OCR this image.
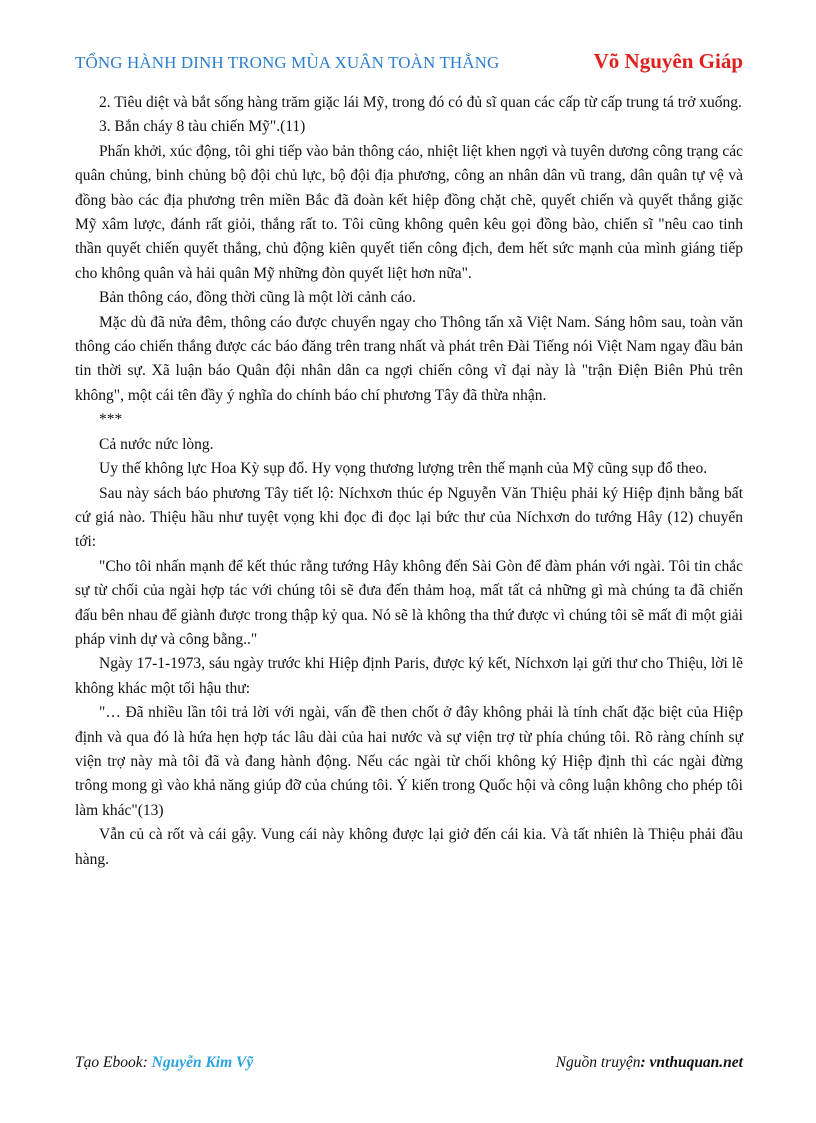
TỔNG HÀNH DINH TRONG MÙA XUÂN TOÀN THẮNG	Võ Nguyên Giáp

2. Tiêu diệt và bắt sống hàng trăm giặc lái Mỹ, trong đó có đủ sĩ quan các cấp từ cấp trung tá trở xuống.

3. Bắn cháy 8 tàu chiến Mỹ".(11)

Phấn khởi, xúc động, tôi ghi tiếp vào bản thông cáo, nhiệt liệt khen ngợi và tuyên dương công trạng các quân chủng, binh chủng bộ đội chủ lực, bộ đội địa phương, công an nhân dân vũ trang, dân quân tự vệ và đồng bào các địa phương trên miền Bắc đã đoàn kết hiệp đồng chặt chẽ, quyết chiến và quyết thắng giặc Mỹ xâm lược, đánh rất giỏi, thắng rất to. Tôi cũng không quên kêu gọi đồng bào, chiến sĩ "nêu cao tinh thần quyết chiến quyết thắng, chủ động kiên quyết tiến công địch, đem hết sức mạnh của mình giáng tiếp cho không quân và hải quân Mỹ những đòn quyết liệt hơn nữa".

Bản thông cáo, đồng thời cũng là một lời cảnh cáo.

Mặc dù đã nửa đêm, thông cáo được chuyển ngay cho Thông tấn xã Việt Nam. Sáng hôm sau, toàn văn thông cáo chiến thắng được các báo đăng trên trang nhất và phát trên Đài Tiếng nói Việt Nam ngay đầu bản tin thời sự. Xã luận báo Quân đội nhân dân ca ngợi chiến công vĩ đại này là "trận Điện Biên Phủ trên không", một cái tên đầy ý nghĩa do chính báo chí phương Tây đã thừa nhận.

***

Cả nước nức lòng.

Uy thế không lực Hoa Kỳ sụp đổ. Hy vọng thương lượng trên thế mạnh của Mỹ cũng sụp đổ theo.

Sau này sách báo phương Tây tiết lộ: Níchxơn thúc ép Nguyễn Văn Thiệu phải ký Hiệp định bằng bất cứ giá nào. Thiệu hầu như tuyệt vọng khi đọc đi đọc lại bức thư của Níchxơn do tướng Hây (12) chuyển tới:

"Cho tôi nhấn mạnh để kết thúc rằng tướng Hây không đến Sài Gòn để đàm phán với ngài. Tôi tin chắc sự từ chối của ngài hợp tác với chúng tôi sẽ đưa đến thảm hoạ, mất tất cả những gì mà chúng ta đã chiến đấu bên nhau để giành được trong thập kỷ qua. Nó sẽ là không tha thứ được vì chúng tôi sẽ mất đi một giải pháp vinh dự và công bằng.."

Ngày 17-1-1973, sáu ngày trước khi Hiệp định Paris, được ký kết, Níchxơn lại gửi thư cho Thiệu, lời lẽ không khác một tối hậu thư:

"… Đã nhiều lần tôi trả lời với ngài, vấn đề then chốt ở đây không phải là tính chất đặc biệt của Hiệp định và qua đó là hứa hẹn hợp tác lâu dài của hai nước và sự viện trợ từ phía chúng tôi. Rõ ràng chính sự viện trợ này mà tôi đã và đang hành động. Nếu các ngài từ chối không ký Hiệp định thì các ngài đừng trông mong gì vào khả năng giúp đỡ của chúng tôi. Ý kiến trong Quốc hội và công luận không cho phép tôi làm khác"(13)

Vẫn củ cà rốt và cái gậy. Vung cái này không được lại giở đến cái kia. Và tất nhiên là Thiệu phải đầu hàng.

Tạo Ebook: Nguyễn Kim Vỹ	Nguồn truyện: vnthuquan.net
